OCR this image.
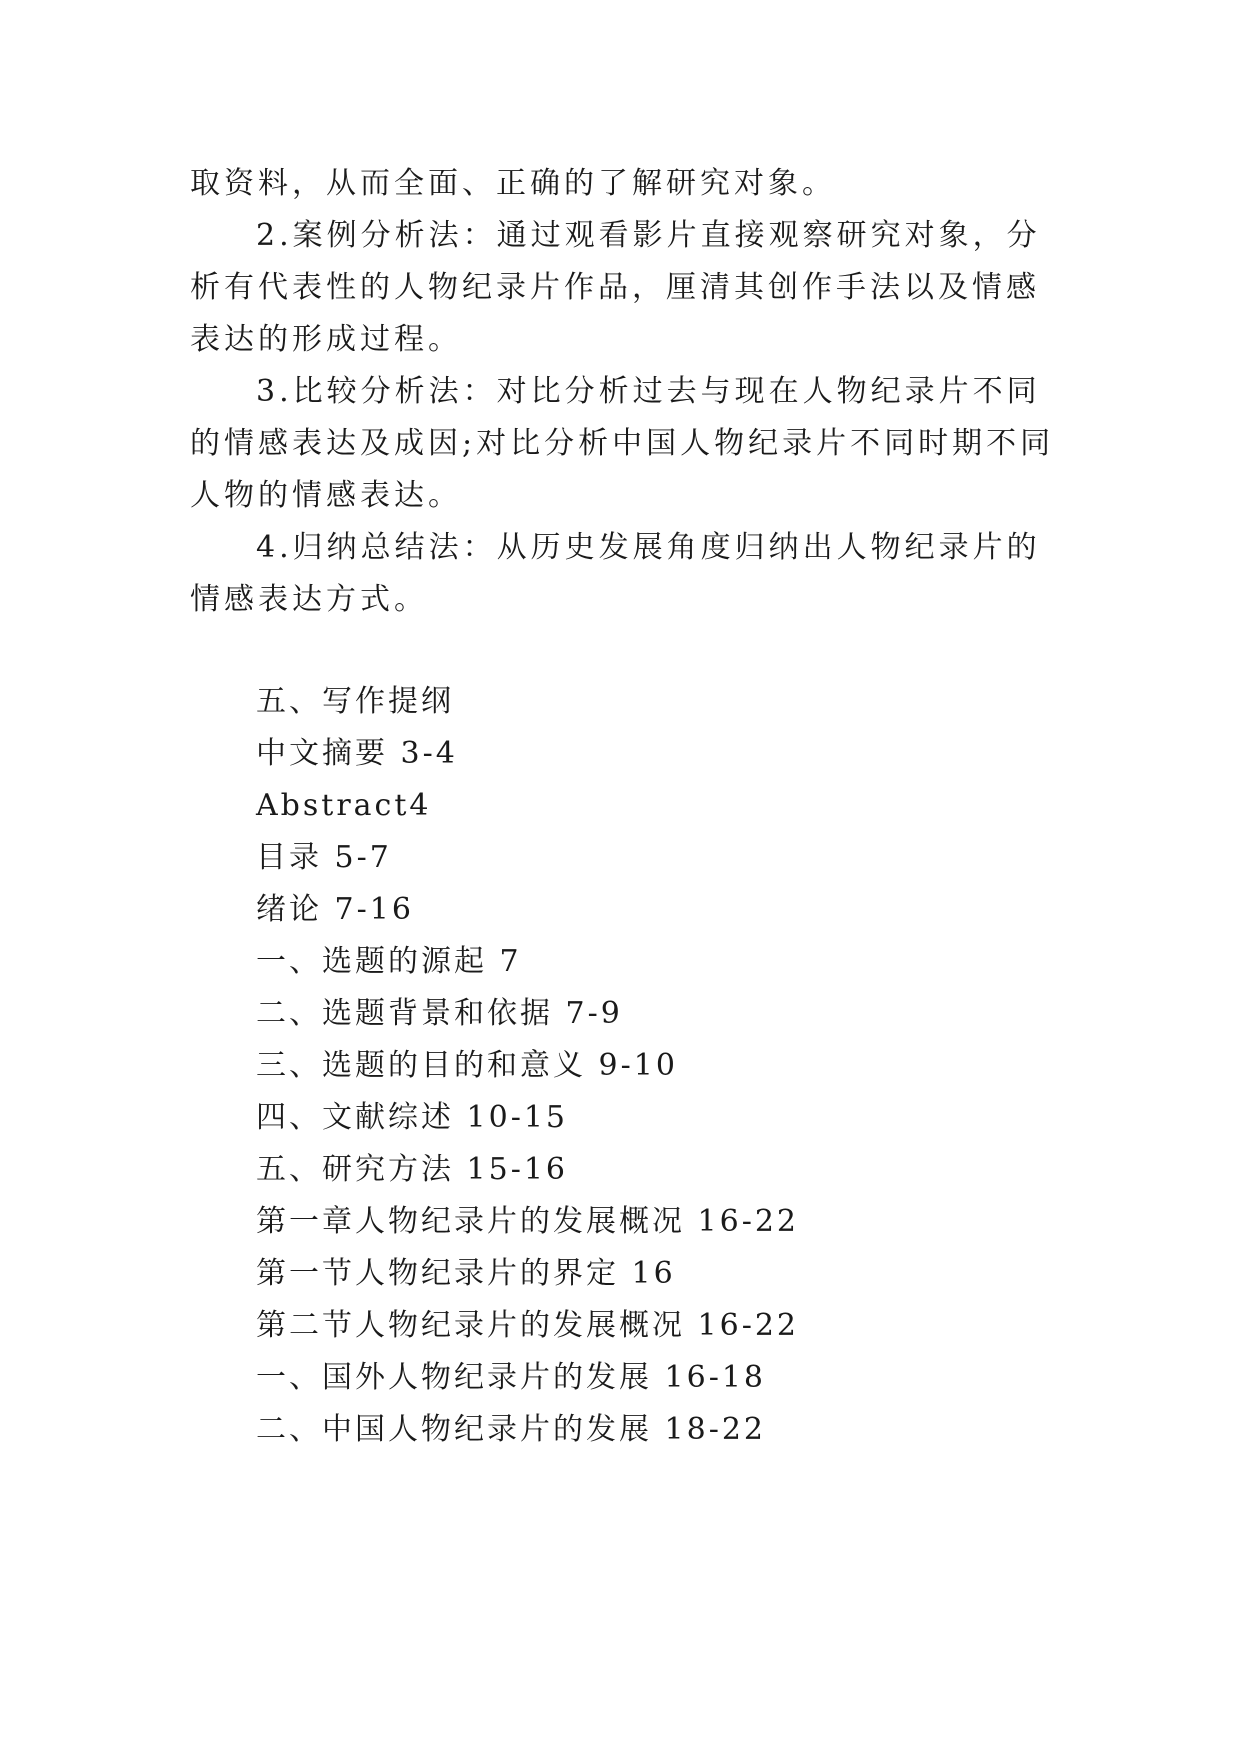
取资料，从而全面、正确的了解研究对象。

2.案例分析法：通过观看影片直接观察研究对象，分析有代表性的人物纪录片作品，厘清其创作手法以及情感表达的形成过程。

3.比较分析法：对比分析过去与现在人物纪录片不同的情感表达及成因;对比分析中国人物纪录片不同时期不同人物的情感表达。

4.归纳总结法：从历史发展角度归纳出人物纪录片的情感表达方式。

五、写作提纲
中文摘要 3-4
Abstract4
目录 5-7
绪论 7-16
一、选题的源起 7
二、选题背景和依据 7-9
三、选题的目的和意义 9-10
四、文献综述 10-15
五、研究方法 15-16
第一章人物纪录片的发展概况 16-22
第一节人物纪录片的界定 16
第二节人物纪录片的发展概况 16-22
一、国外人物纪录片的发展 16-18
二、中国人物纪录片的发展 18-22
